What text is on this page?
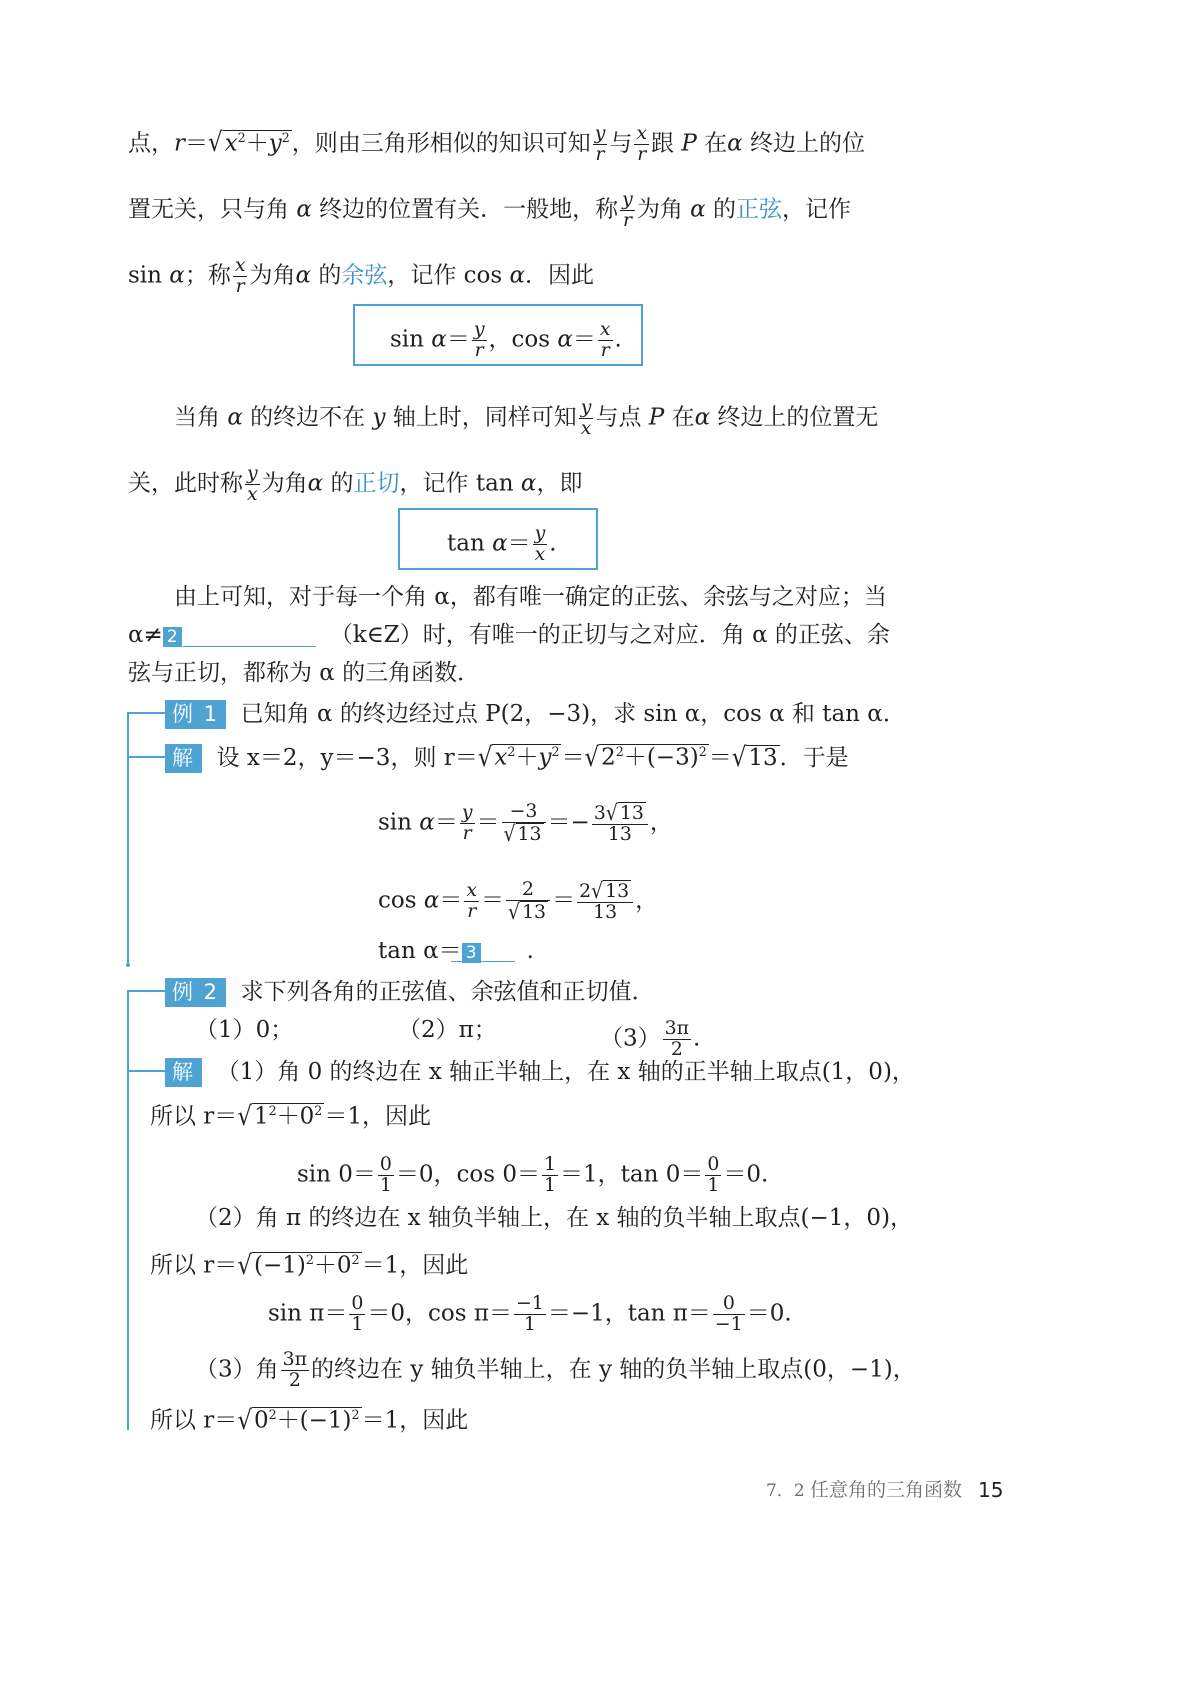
点，$r=√x^2+y^2$，则由三角形相似的知识可知 $\frac{y}{r}$ 与 $\frac{x}{r}$ 跟 P 在α 终边上的位
置无关，只与角 α 终边的位置有关．一般地，称 $\frac{y}{r}$ 为角 α 的正弦，记作
sin α；称 $\frac{x}{r}$ 为角α 的余弦，记作 cos α．因此
$\sin \alpha= \frac{y}{r}$ ，$\cos \alpha= \frac{x}{r}$ .
当角 α 的终边不在 y 轴上时，同样可知 $\frac{y}{x}$ 与点 P 在α 终边上的位置无
关，此时称 $\frac{y}{x}$ 为角α 的正切，记作 tan α，即
$\tan \alpha= \frac{y}{x}$ .
由上可知，对于每一个角 α，都有唯一确定的正弦、余弦与之对应；当
α≠ 2	（k∈Z）时，有唯一的正切与之对应．角 α 的正弦、余
弦与正切，都称为 α 的三角函数．
例 1 已知角 α 的终边经过点 P(2，−3)，求 sin α，cos α 和 tan α．
解 设 x＝2，y＝−3，则 $r=√x^2+y^2=√2^2+(-3)^2=√13$．于是
$\sin \alpha= \frac{y}{r} = \frac{-3}{√ 13} =- \frac{3√ 13}{13}$ ，
$\cos \alpha= \frac{x}{r} = \frac{2}{√ 13} = \frac{2√ 13}{13}$ ，
tan α＝ 3 .
例 2 求下列各角的正弦值、余弦值和正切值．
（1）0；	（2）π；	$(3) \frac{3\pi}{2}$ .
解 （1）角 0 的终边在 x 轴正半轴上，在 x 轴的正半轴上取点(1，0)，
所以 $r=√1^2+0^2=1$，因此
$\sin 0= \frac{0}{1} =0$，$\cos 0= \frac{1}{1} =1$，$\tan 0= \frac{0}{1} =0$.
（2）角 π 的终边在 x 轴负半轴上，在 x 轴的负半轴上取点(−1，0)，
所以 $r=√(-1)^2+0^2=1$，因此
$\sin \pi= \frac{0}{1} =0$，$\cos \pi= \frac{-1}{1} =-1$，$\tan \pi= \frac{0}{-1} =0$.
（3）角 $\frac{3\pi}{2}$ 的终边在 y 轴负半轴上，在 y 轴的负半轴上取点(0，−1)，
所以 $r=√0^2+(-1)^2=1$，因此
7．2 任意角的三角函数 15
